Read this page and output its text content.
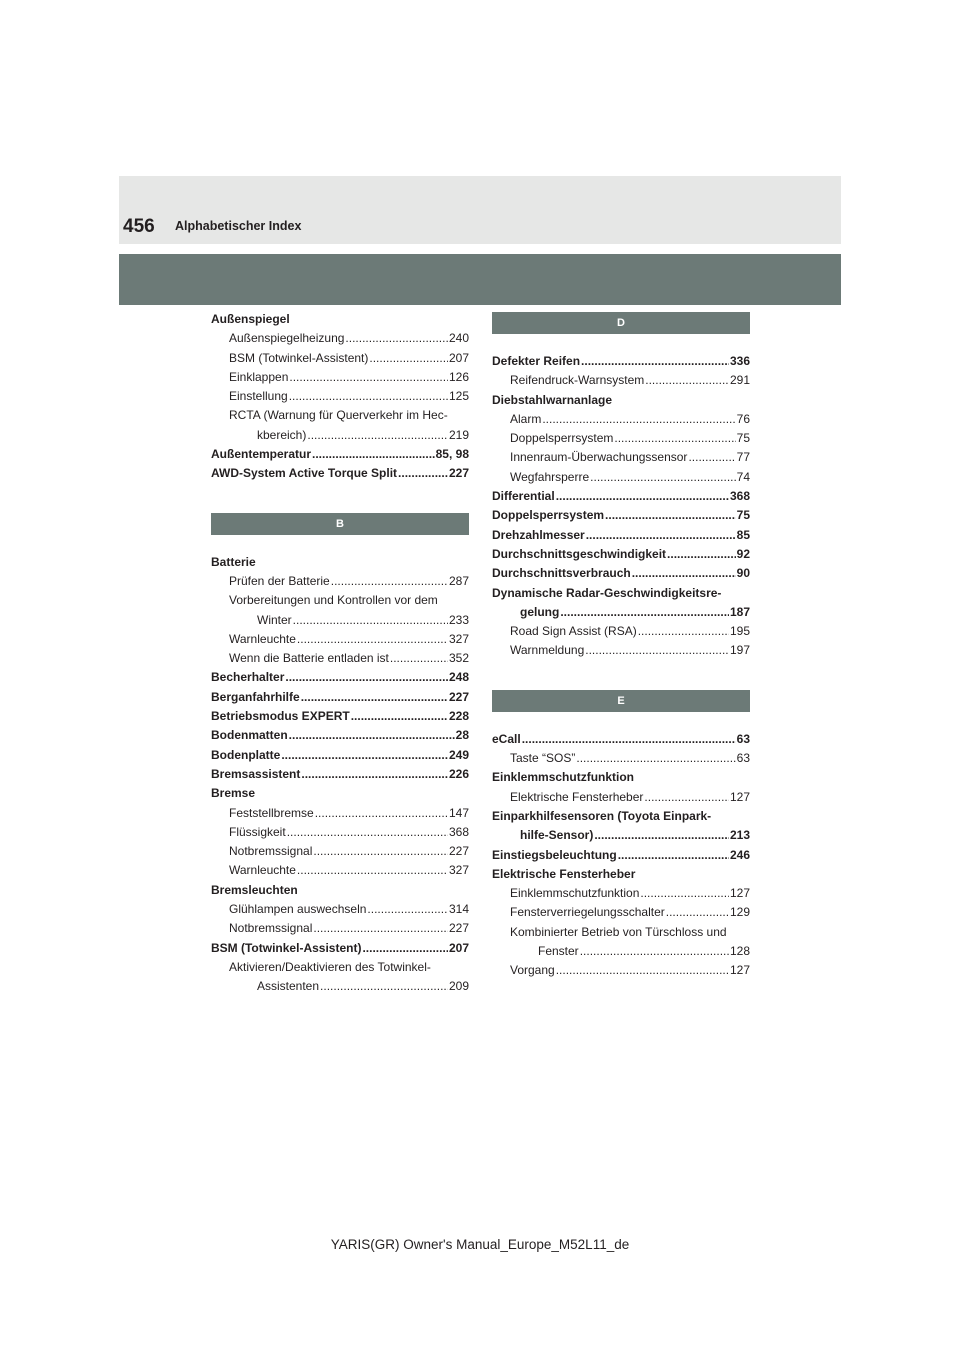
456 Alphabetischer Index
Außenspiegel
Außenspiegelheizung .....	240
BSM (Totwinkel-Assistent) .....	207
Einklappen .....	126
Einstellung .....	125
RCTA (Warnung für Querverkehr im Hec-
kbereich) .....	219
Außentemperatur .....	85, 98
AWD-System Active Torque Split .....	227
B
Batterie
Prüfen der Batterie .....	287
Vorbereitungen und Kontrollen vor dem
Winter .....	233
Warnleuchte .....	327
Wenn die Batterie entladen ist .....	352
Becherhalter .....	248
Berganfahrhilfe .....	227
Betriebsmodus EXPERT .....	228
Bodenmatten .....	28
Bodenplatte .....	249
Bremsassistent .....	226
Bremse
Feststellbremse .....	147
Flüssigkeit .....	368
Notbremssignal .....	227
Warnleuchte .....	327
Bremsleuchten
Glühlampen auswechseln .....	314
Notbremssignal .....	227
BSM (Totwinkel-Assistent) .....	207
Aktivieren/Deaktivieren des Totwinkel-
Assistenten .....	209
D
Defekter Reifen .....	336
Reifendruck-Warnsystem .....	291
Diebstahlwarnanlage
Alarm .....	76
Doppelsperrsystem .....	75
Innenraum-Überwachungssensor .....	77
Wegfahrsperre .....	74
Differential .....	368
Doppelsperrsystem .....	75
Drehzahlmesser .....	85
Durchschnittsgeschwindigkeit .....	92
Durchschnittsverbrauch .....	90
Dynamische Radar-Geschwindigkeitsre-
gelung .....	187
Road Sign Assist (RSA) .....	195
Warnmeldung .....	197
E
eCall .....	63
Taste “SOS” .....	63
Einklemmschutzfunktion
Elektrische Fensterheber .....	127
Einparkhilfesensoren (Toyota Einpark-
hilfe-Sensor) .....	213
Einstiegsbeleuchtung .....	246
Elektrische Fensterheber
Einklemmschutzfunktion .....	127
Fensterverriegelungsschalter .....	129
Kombinierter Betrieb von Türschloss und
Fenster .....	128
Vorgang .....	127
YARIS(GR) Owner's Manual_Europe_M52L11_de
